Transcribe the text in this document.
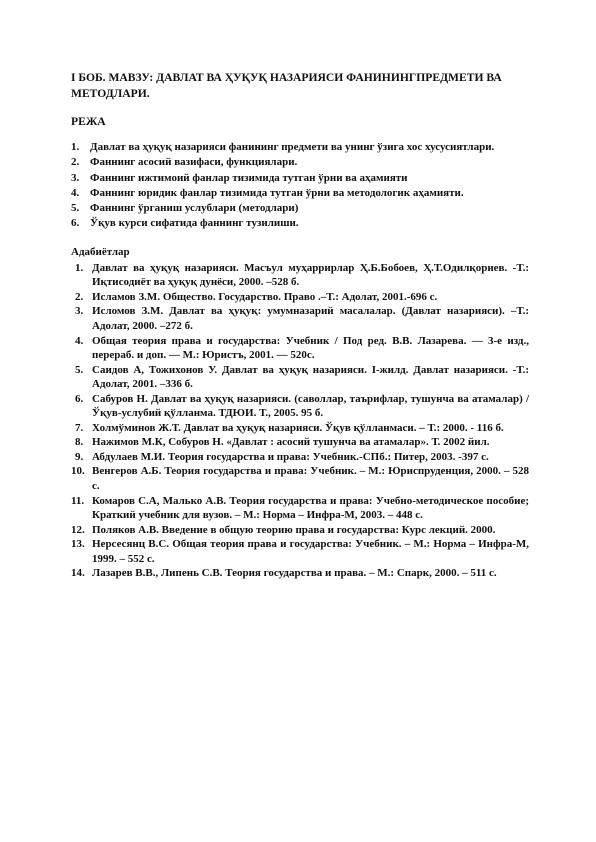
I БОБ. МАВЗУ: ДАВЛАТ ВА ҲУҚУҚ НАЗАРИЯСИ ФАНИНИНГПРЕДМЕТИ ВА МЕТОДЛАРИ.
РЕЖА
1. Давлат ва ҳуқуқ назарияси фанининг предмети ва унинг ўзига хос хусусиятлари.
2. Фаннинг асосий вазифаси, функциялари.
3. Фаннинг ижтимоий фанлар тизимида тутган ўрни ва аҳамияти
4. Фаннинг юридик фанлар тизимида тутган ўрни ва методологик аҳамияти.
5. Фаннинг ўрганиш услублари (методлари)
6. Ўқув курси сифатида фаннинг тузилиши.
Адабиётлар
1. Давлат ва ҳуқуқ назарияси. Масъул муҳаррирлар Ҳ.Б.Бобоев, Ҳ.Т.Одилқориев. -Т.: Иқтисодиёт ва ҳуқуқ дунёси, 2000. –528 б.
2. Исламов З.М. Общество. Государство. Право .–Т.: Адолат, 2001.-696 с.
3. Исломов З.М. Давлат ва ҳуқуқ: умумназарий масалалар. (Давлат назарияси). –Т.: Адолат, 2000. –272 б.
4. Общая теория права и государства: Учебник / Под ред. В.В. Лазарева. — 3-е изд., перераб. и доп. — М.: Юристъ, 2001. — 520с.
5. Саидов А, Тожихонов У. Давлат ва ҳуқуқ назарияси. I-жилд. Давлат назарияси. -Т.: Адолат, 2001. –336 б.
6. Сабуров Н. Давлат ва ҳуқуқ назарияси. (саволлар, таърифлар, тушунча ва атамалар) / Ўқув-услубий қўлланма. ТДЮИ. Т., 2005. 95 б.
7. Холмўминов Ж.Т. Давлат ва ҳуқуқ назарияси. Ўқув қўлланмаси. – Т.: 2000. - 116 б.
8. Нажимов М.К, Собуров Н. «Давлат : асосий тушунча ва атамалар». Т. 2002 йил.
9. Абдулаев М.И. Теория государства и права: Учебник.-СПб.: Питер, 2003. -397 с.
10. Венгеров А.Б. Теория государства и права: Учебник. – М.: Юриспруденция, 2000. – 528 с.
11. Комаров С.А, Малько А.В. Теория государства и права: Учебно-методическое пособие; Краткий учебник для вузов. – М.: Норма – Инфра-М, 2003. – 448 с.
12. Поляков А.В. Введение в общую теорию права и государства: Курс лекций. 2000.
13. Нерсесянц В.С. Общая теория права и государства: Учебник. – М.: Норма – Инфра-М, 1999. – 552 с.
14. Лазарев В.В., Липень С.В. Теория государства и права. – М.: Спарк, 2000. – 511 с.
